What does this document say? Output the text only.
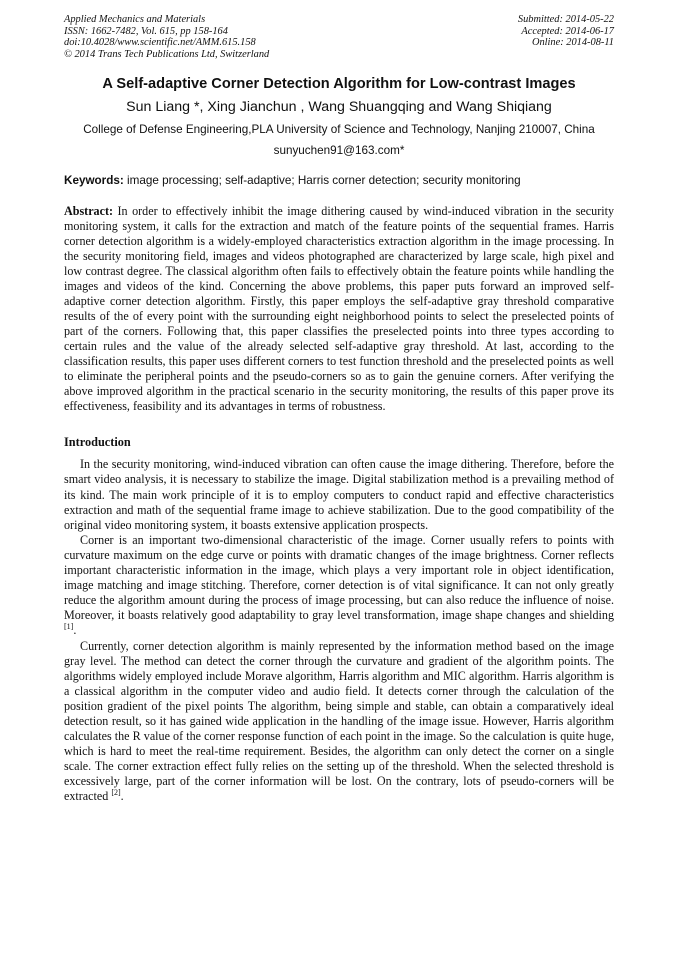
Applied Mechanics and Materials
ISSN: 1662-7482, Vol. 615, pp 158-164
doi:10.4028/www.scientific.net/AMM.615.158
© 2014 Trans Tech Publications Ltd, Switzerland
Submitted: 2014-05-22
Accepted: 2014-06-17
Online: 2014-08-11
A Self-adaptive Corner Detection Algorithm for Low-contrast Images
Sun Liang *, Xing Jianchun , Wang Shuangqing and Wang Shiqiang
College of Defense Engineering,PLA University of Science and Technology, Nanjing 210007, China
sunyuchen91@163.com*
Keywords: image processing; self-adaptive; Harris corner detection; security monitoring
Abstract: In order to effectively inhibit the image dithering caused by wind-induced vibration in the security monitoring system, it calls for the extraction and match of the feature points of the sequential frames. Harris corner detection algorithm is a widely-employed characteristics extraction algorithm in the image processing. In the security monitoring field, images and videos photographed are characterized by large scale, high pixel and low contrast degree. The classical algorithm often fails to effectively obtain the feature points while handling the images and videos of the kind. Concerning the above problems, this paper puts forward an improved self-adaptive corner detection algorithm. Firstly, this paper employs the self-adaptive gray threshold comparative results of the of every point with the surrounding eight neighborhood points to select the preselected points of part of the corners. Following that, this paper classifies the preselected points into three types according to certain rules and the value of the already selected self-adaptive gray threshold. At last, according to the classification results, this paper uses different corners to test function threshold and the preselected points as well to eliminate the peripheral points and the pseudo-corners so as to gain the genuine corners. After verifying the above improved algorithm in the practical scenario in the security monitoring, the results of this paper prove its effectiveness, feasibility and its advantages in terms of robustness.
Introduction

In the security monitoring, wind-induced vibration can often cause the image dithering. Therefore, before the smart video analysis, it is necessary to stabilize the image. Digital stabilization method is a prevailing method of its kind. The main work principle of it is to employ computers to conduct rapid and effective characteristics extraction and math of the sequential frame image to achieve stabilization. Due to the good compatibility of the original video monitoring system, it boasts extensive application prospects.

Corner is an important two-dimensional characteristic of the image. Corner usually refers to points with curvature maximum on the edge curve or points with dramatic changes of the image brightness. Corner reflects important characteristic information in the image, which plays a very important role in object identification, image matching and image stitching. Therefore, corner detection is of vital significance. It can not only greatly reduce the algorithm amount during the process of image processing, but can also reduce the influence of noise. Moreover, it boasts relatively good adaptability to gray level transformation, image shape changes and shielding [1].

Currently, corner detection algorithm is mainly represented by the information method based on the image gray level. The method can detect the corner through the curvature and gradient of the algorithm points. The algorithms widely employed include Morave algorithm, Harris algorithm and MIC algorithm. Harris algorithm is a classical algorithm in the computer video and audio field. It detects corner through the calculation of the position gradient of the pixel points The algorithm, being simple and stable, can obtain a comparatively ideal detection result, so it has gained wide application in the handling of the image issue. However, Harris algorithm calculates the R value of the corner response function of each point in the image. So the calculation is quite huge, which is hard to meet the real-time requirement. Besides, the algorithm can only detect the corner on a single scale. The corner extraction effect fully relies on the setting up of the threshold. When the selected threshold is excessively large, part of the corner information will be lost. On the contrary, lots of pseudo-corners will be extracted [2].
